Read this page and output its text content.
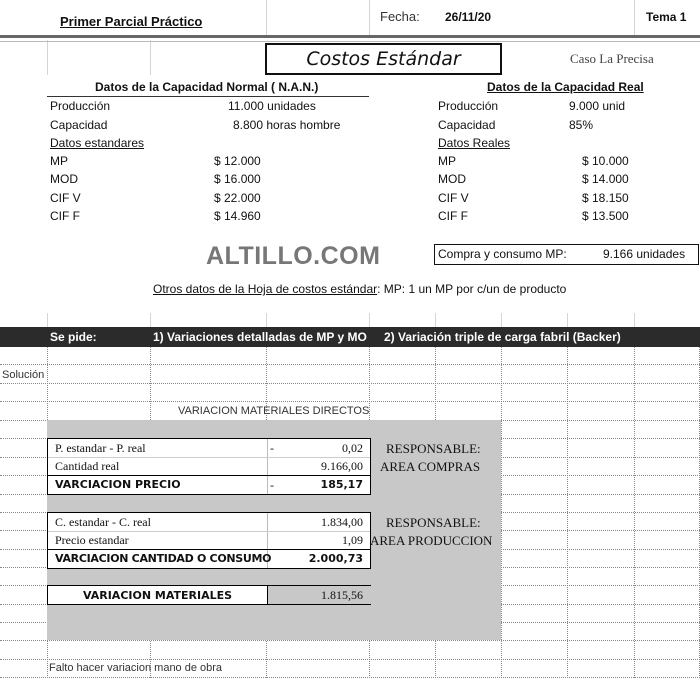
Primer Parcial Práctico	Fecha: 26/11/20	Tema 1
Costos Estándar	Caso La Precisa
Datos de la Capacidad Normal ( N.A.N.)	Datos de la Capacidad Real
Producción	11.000 unidades
Capacidad	8.800 horas hombre
Datos estandares
MP	$ 12.000
MOD	$ 16.000
CIF V	$ 22.000
CIF F	$ 14.960
Producción	9.000 unid
Capacidad	85%
Datos Reales
MP	$ 10.000
MOD	$ 14.000
CIF V	$ 18.150
CIF F	$ 13.500
ALTILLO.COM	Compra y consumo MP:	9.166 unidades
Otros datos de la Hoja de costos estándar: MP: 1 un MP por c/un de producto
Se pide:	1) Variaciones detalladas de MP y MO 2) Variación triple de carga fabril (Backer)
Solución
VARIACION MATERIALES DIRECTOS
P. estandar - P. real	-	0,02
Cantidad real	9.166,00
VARCIACION PRECIO	-	185,17
RESPONSABLE:
AREA COMPRAS
C. estandar - C. real	1.834,00
Precio estandar	1,09
VARCIACION CANTIDAD O CONSUMO	2.000,73
RESPONSABLE:
AREA PRODUCCION
VARIACION MATERIALES	1.815,56
Falto hacer variacion mano de obra
